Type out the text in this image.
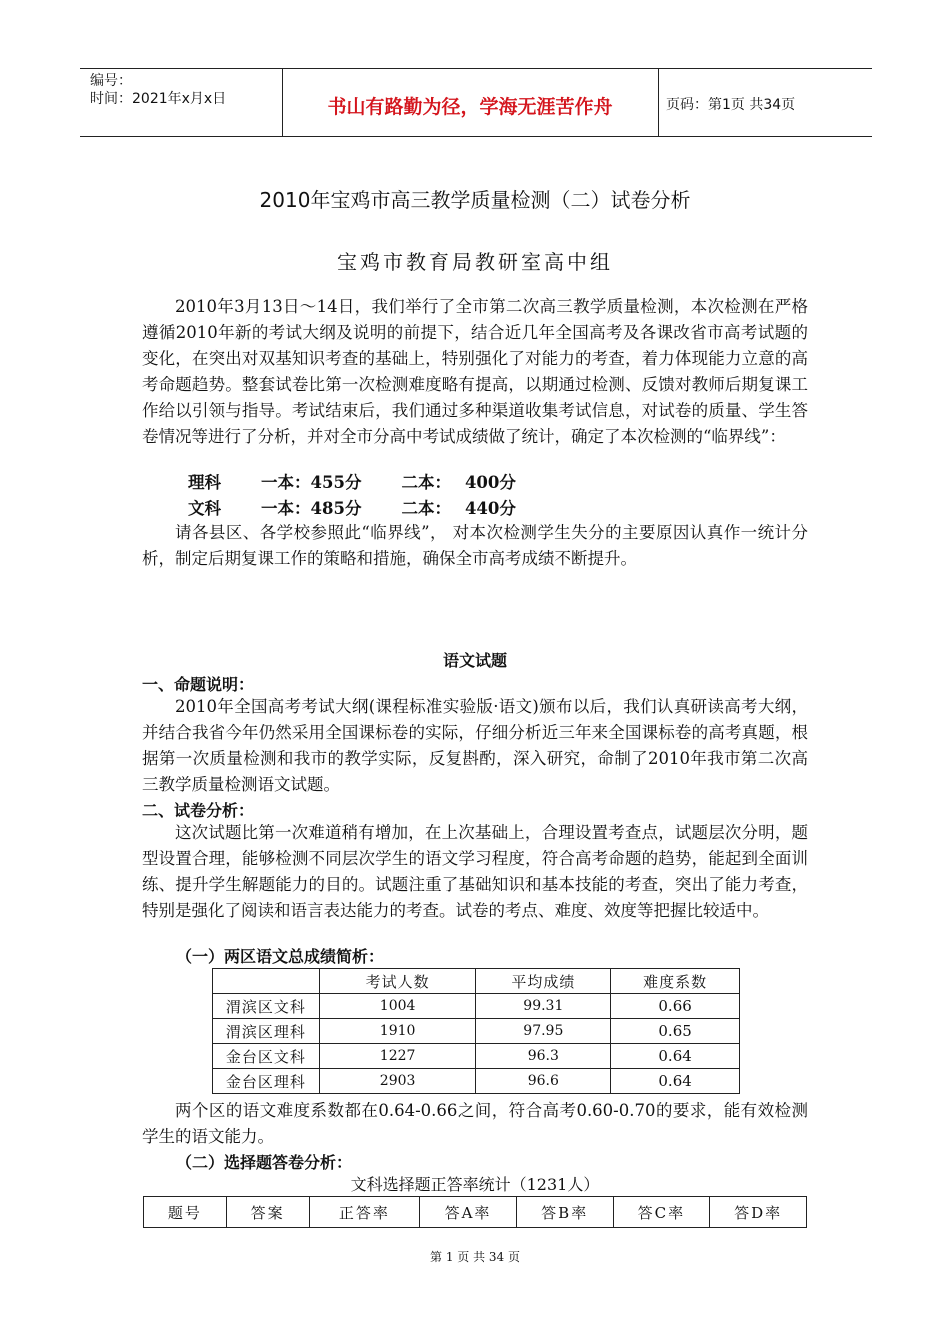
编号：
时间：2021年x月x日	书山有路勤为径，学海无涯苦作舟	页码：第1页 共34页
2010年宝鸡市高三教学质量检测（二）试卷分析
宝鸡市教育局教研室高中组
2010年3月13日～14日，我们举行了全市第二次高三教学质量检测，本次检测在严格遵循2010年新的考试大纲及说明的前提下，结合近几年全国高考及各课改省市高考试题的变化，在突出对双基知识考查的基础上，特别强化了对能力的考查，着力体现能力立意的高考命题趋势。整套试卷比第一次检测难度略有提高，以期通过检测、反馈对教师后期复课工作给以引领与指导。考试结束后，我们通过多种渠道收集考试信息，对试卷的质量、学生答卷情况等进行了分析，并对全市分高中考试成绩做了统计，确定了本次检测的“临界线”：
理科 一本：455分 二本： 400分
文科 一本：485分 二本： 440分
请各县区、各学校参照此“临界线”， 对本次检测学生失分的主要原因认真作一统计分析，制定后期复课工作的策略和措施，确保全市高考成绩不断提升。
语文试题
一、命题说明：
2010年全国高考考试大纲(课程标准实验版·语文)颁布以后，我们认真研读高考大纲，并结合我省今年仍然采用全国课标卷的实际，仔细分析近三年来全国课标卷的高考真题，根据第一次质量检测和我市的教学实际，反复斟酌，深入研究，命制了2010年我市第二次高三教学质量检测语文试题。
二、试卷分析：
这次试题比第一次难道稍有增加，在上次基础上，合理设置考查点，试题层次分明，题型设置合理，能够检测不同层次学生的语文学习程度，符合高考命题的趋势，能起到全面训练、提升学生解题能力的目的。试题注重了基础知识和基本技能的考查，突出了能力考查，特别是强化了阅读和语言表达能力的考查。试卷的考点、难度、效度等把握比较适中。
（一）两区语文总成绩简析：
	考试人数	平均成绩	难度系数
渭滨区文科	1004	99.31	0.66
渭滨区理科	1910	97.95	0.65
金台区文科	1227	96.3	0.64
金台区理科	2903	96.6	0.64
两个区的语文难度系数都在0.64-0.66之间，符合高考0.60-0.70的要求，能有效检测学生的语文能力。
（二）选择题答卷分析：
文科选择题正答率统计（1231人）
题号	答案	正答率	答A率	答B率	答C率	答D率
第 1 页 共 34 页
